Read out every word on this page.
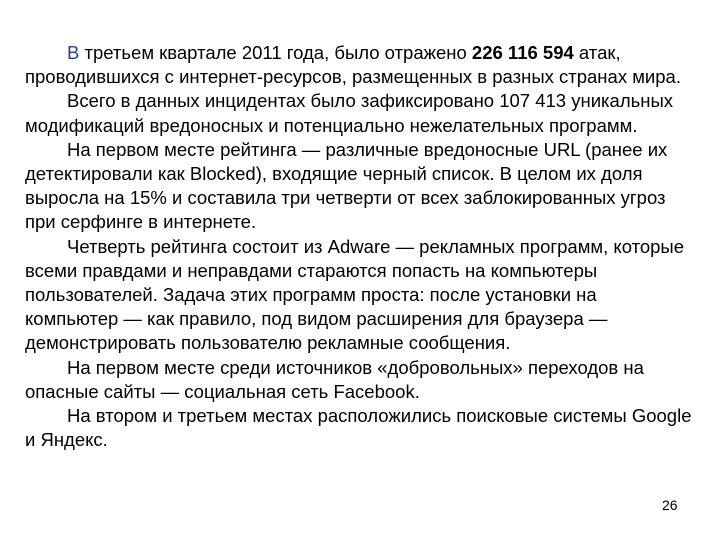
В третьем квартале 2011 года, было отражено 226 116 594 атак, проводившихся с интернет-ресурсов, размещенных в разных странах мира.

Всего в данных инцидентах было зафиксировано 107 413 уникальных модификаций вредоносных и потенциально нежелательных программ.

На первом месте рейтинга — различные вредоносные URL (ранее их детектировали как Blocked), входящие черный список. В целом их доля выросла на 15% и составила три четверти от всех заблокированных угроз при серфинге в интернете.

Четверть рейтинга состоит из Adware — рекламных программ, которые всеми правдами и неправдами стараются попасть на компьютеры пользователей. Задача этих программ проста: после установки на компьютер — как правило, под видом расширения для браузера — демонстрировать пользователю рекламные сообщения.

На первом месте среди источников «добровольных» переходов на опасные сайты — социальная сеть Facebook.

На втором и третьем местах расположились поисковые системы Google и Яндекс.

26
